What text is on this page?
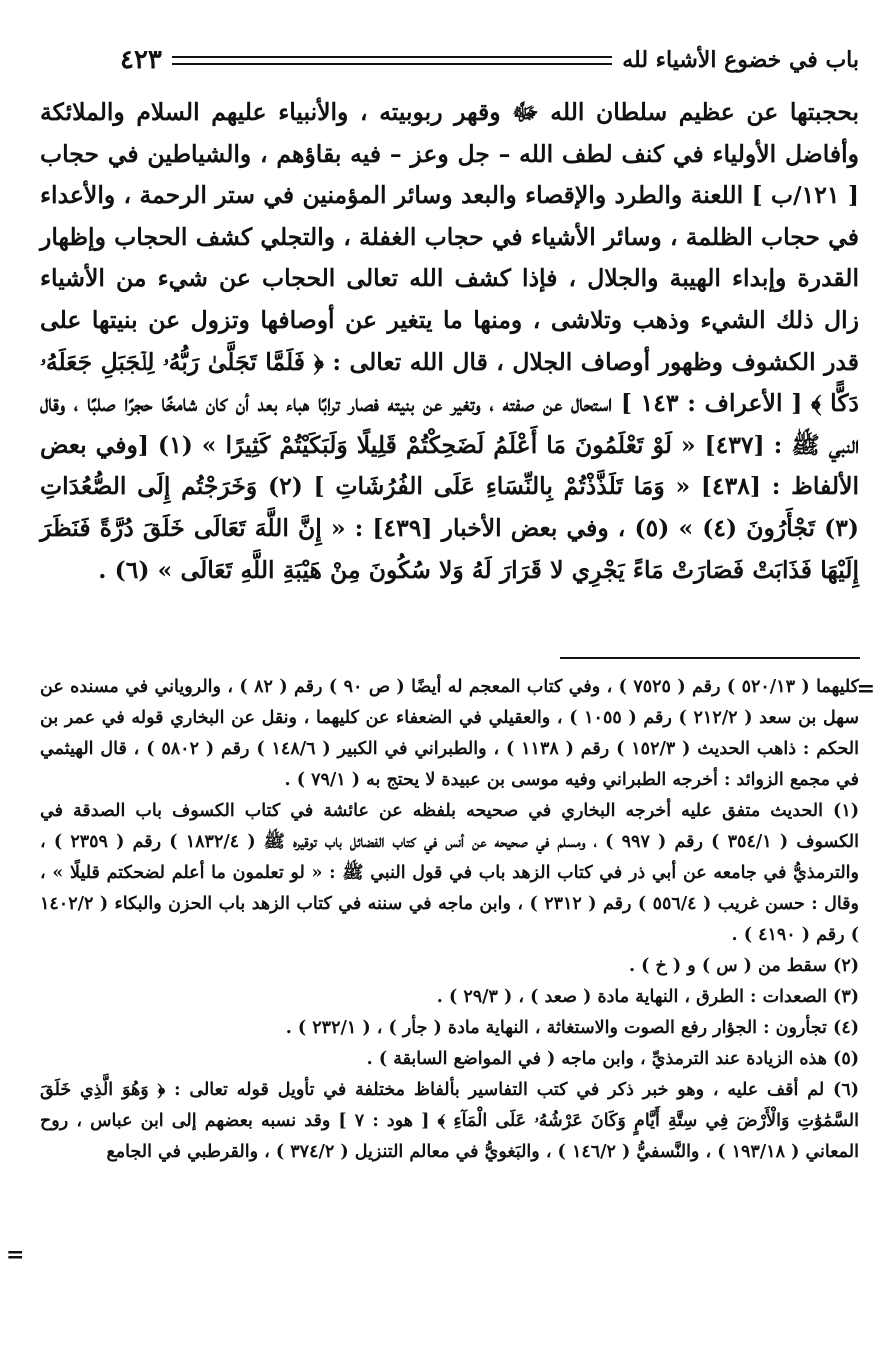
باب في خضوع الأشياء لله
٤٢٣

بحجبتها عن عظيم سلطان الله ﷻ وقهر ربوبيته ، والأنبياء عليهم السلام والملائكة وأفاضل الأولياء في كنف لطف الله – جل وعز – فيه بقاؤهم ، والشياطين في حجاب [ ١٢١/ب ] اللعنة والطرد والإقصاء والبعد وسائر المؤمنين في ستر الرحمة ، والأعداء في حجاب الظلمة ، وسائر الأشياء في حجاب الغفلة ، والتجلي كشف الحجاب وإظهار القدرة وإبداء الهيبة والجلال ، فإذا كشف الله تعالى الحجاب عن شيء من الأشياء زال ذلك الشيء وذهب وتلاشى ، ومنها ما يتغير عن أوصافها وتزول عن بنيتها على قدر الكشوف وظهور أوصاف الجلال ، قال الله تعالى : ﴿ فَلَمَّا تَجَلَّىٰ رَبُّهُۥ لِلۡجَبَلِ جَعَلَهُۥ دَكًّا ﴾ [ الأعراف : ١٤٣ ] استحال عن صفته ، وتغير عن بنيته فصار ترابًا هباء بعد أن كان شامخًا حجرًا صلبًا ، وقال النبي ﷺ : [٤٣٧] « لَوْ تَعْلَمُونَ مَا أَعْلَمُ لَضَحِكْتُمْ قَلِيلًا وَلَبَكَيْتُمْ كَثِيرًا » (١) [وفي بعض الألفاظ : [٤٣٨] « وَمَا تَلَذَّذْتُمْ بِالنِّسَاءِ عَلَى الفُرُشَاتِ ] (٢) وَخَرَجْتُم إِلَى الصُّعُدَاتِ (٣) تَجْأَرُونَ (٤) » (٥) ، وفي بعض الأخبار [٤٣٩] : « إِنَّ اللَّهَ تَعَالَى خَلَقَ دُرَّةً فَنَظَرَ إِلَيْهَا فَذَابَتْ فَصَارَتْ مَاءً يَجْرِي لا قَرَارَ لَهُ وَلا سُكُونَ مِنْ هَيْبَةِ اللَّهِ تَعَالَى » (٦) .

=

كليهما ( ٥٢٠/١٣ ) رقم ( ٧٥٢٥ ) ، وفي كتاب المعجم له أيضًا ( ص ٩٠ ) رقم ( ٨٢ ) ، والروياني في مسنده عن سهل بن سعد ( ٢١٢/٢ ) رقم ( ١٠٥٥ ) ، والعقيلي في الضعفاء عن كليهما ، ونقل عن البخاري قوله في عمر بن الحكم : ذاهب الحديث ( ١٥٢/٣ ) رقم ( ١١٣٨ ) ، والطبراني في الكبير ( ١٤٨/٦ ) رقم ( ٥٨٠٢ ) ، قال الهيثمي في مجمع الزوائد : أخرجه الطبراني وفيه موسى بن عبيدة لا يحتج به ( ٧٩/١ ) .

(١) الحديث متفق عليه أخرجه البخاري في صحيحه بلفظه عن عائشة في كتاب الكسوف باب الصدقة في الكسوف ( ٣٥٤/١ ) رقم ( ٩٩٧ ) ، ومسلم في صحيحه عن أنس في كتاب الفضائل باب توقيره ﷺ ( ١٨٣٢/٤ ) رقم ( ٢٣٥٩ ) ، والترمذيُّ في جامعه عن أبي ذر في كتاب الزهد باب في قول النبي ﷺ : « لو تعلمون ما أعلم لضحكتم قليلًا » ، وقال : حسن غريب ( ٥٥٦/٤ ) رقم ( ٢٣١٢ ) ، وابن ماجه في سننه في كتاب الزهد باب الحزن والبكاء ( ١٤٠٢/٢ ) رقم ( ٤١٩٠ ) .

(٢) سقط من ( س ) و ( خ ) .

(٣) الصعدات : الطرق ، النهاية مادة ( صعد ) ، ( ٢٩/٣ ) .

(٤) تجأرون : الجؤار رفع الصوت والاستغاثة ، النهاية مادة ( جأر ) ، ( ٢٣٢/١ ) .

(٥) هذه الزيادة عند الترمذيِّ ، وابن ماجه ( في المواضع السابقة ) .

(٦) لم أقف عليه ، وهو خبر ذكر في كتب التفاسير بألفاظ مختلفة في تأويل قوله تعالى : ﴿ وَهُوَ الَّذِي خَلَقَ السَّمَٰوَٰتِ وَالْأَرْضَ فِي سِتَّةِ أَيَّامٍ وَكَانَ عَرْشُهُۥ عَلَى الْمَآءِ ﴾ [ هود : ٧ ] وقد نسبه بعضهم إلى ابن عباس ، روح المعاني ( ١٩٣/١٨ ) ، والنَّسفيُّ ( ١٤٦/٢ ) ، والبَغويُّ في معالم التنزيل ( ٣٧٤/٢ ) ، والقرطبي في الجامع

=
